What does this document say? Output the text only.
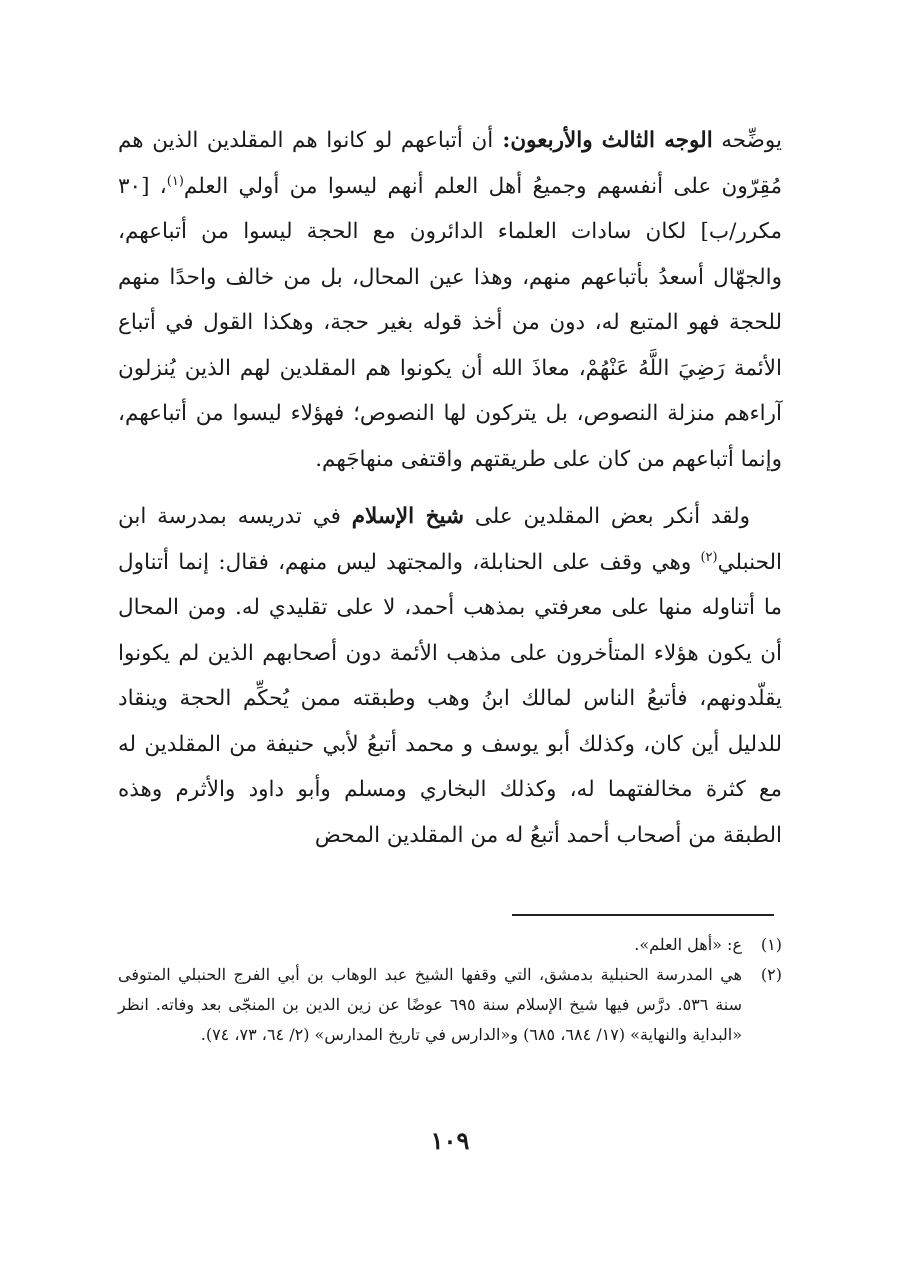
يوضِّحه الوجه الثالث والأربعون: أن أتباعهم لو كانوا هم المقلدين الذين هم مُقِرّون على أنفسهم وجميعُ أهل العلم أنهم ليسوا من أولي العلم$^{(١)}$، [٣٠ مكرر/ب] لكان سادات العلماء الدائرون مع الحجة ليسوا من أتباعهم، والجهّال أسعدُ بأتباعهم منهم، وهذا عين المحال، بل من خالف واحدًا منهم للحجة فهو المتبع له، دون من أخذ قوله بغير حجة، وهكذا القول في أتباع الأئمة رَضِيَ اللَّهُ عَنْهُمْ، معاذَ الله أن يكونوا هم المقلدين لهم الذين يُنزلون آراءهم منزلة النصوص، بل يتركون لها النصوص؛ فهؤلاء ليسوا من أتباعهم، وإنما أتباعهم من كان على طريقتهم واقتفى منهاجَهم.

ولقد أنكر بعض المقلدين على شيخ الإسلام في تدريسه بمدرسة ابن الحنبلي$^{(٢)}$ وهي وقف على الحنابلة، والمجتهد ليس منهم، فقال: إنما أتناول ما أتناوله منها على معرفتي بمذهب أحمد، لا على تقليدي له. ومن المحال أن يكون هؤلاء المتأخرون على مذهب الأئمة دون أصحابهم الذين لم يكونوا يقلّدونهم، فأتبعُ الناس لمالك ابنُ وهب وطبقته ممن يُحكِّم الحجة وينقاد للدليل أين كان، وكذلك أبو يوسف و محمد أتبعُ لأبي حنيفة من المقلدين له مع كثرة مخالفتهما له، وكذلك البخاري ومسلم وأبو داود والأثرم وهذه الطبقة من أصحاب أحمد أتبعُ له من المقلدين المحض

(١)
ع: «أهل العلم».
(٢)
هي المدرسة الحنبلية بدمشق، التي وقفها الشيخ عبد الوهاب بن أبي الفرج الحنبلي المتوفى سنة ٥٣٦. درَّس فيها شيخ الإسلام سنة ٦٩٥ عوضًا عن زين الدين بن المنجّى بعد وفاته. انظر «البداية والنهاية» (١٧/ ٦٨٤، ٦٨٥) و«الدارس في تاريخ المدارس» (٢/ ٦٤، ٧٣، ٧٤).
١٠٩
